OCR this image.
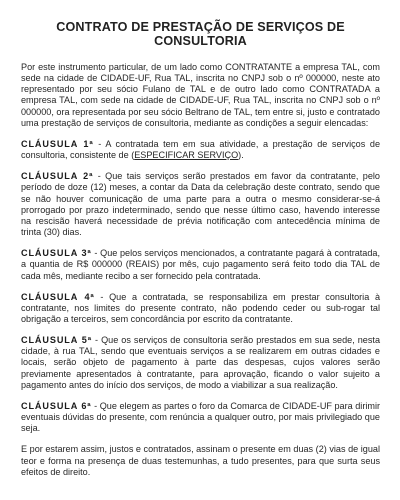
CONTRATO DE PRESTAÇÃO DE SERVIÇOS DE
CONSULTORIA

Por este instrumento particular, de um lado como CONTRATANTE a empresa TAL, com sede na cidade de CIDADE-UF, Rua TAL, inscrita no CNPJ sob o nº 000000, neste ato representado por seu sócio Fulano de TAL e de outro lado como CONTRATADA a empresa TAL, com sede na cidade de CIDADE-UF, Rua TAL, inscrita no CNPJ sob o nº 000000, ora representada por seu sócio Beltrano de TAL, tem entre si, justo e contratado uma prestação de serviços de consultoria, mediante as condições a seguir elencadas:

CLÁUSULA 1ª - A contratada tem em sua atividade, a prestação de serviços de consultoria, consistente de (ESPECIFICAR SERVIÇO).

CLÁUSULA 2ª - Que tais serviços serão prestados em favor da contratante, pelo período de doze (12) meses, a contar da Data da celebração deste contrato, sendo que se não houver comunicação de uma parte para a outra o mesmo considerar-se-á prorrogado por prazo indeterminado, sendo que nesse último caso, havendo interesse na rescisão haverá necessidade de prévia notificação com antecedência mínima de trinta (30) dias.

CLÁUSULA 3ª - Que pelos serviços mencionados, a contratante pagará à contratada, a quantia de R$ 000000 (REAIS) por mês, cujo pagamento será feito todo dia TAL de cada mês, mediante recibo a ser fornecido pela contratada.

CLÁUSULA 4ª - Que a contratada, se responsabiliza em prestar consultoria à contratante, nos limites do presente contrato, não podendo ceder ou sub-rogar tal obrigação a terceiros, sem concordância por escrito da contratante.

CLÁUSULA 5ª - Que os serviços de consultoria serão prestados em sua sede, nesta cidade, à rua TAL, sendo que eventuais serviços a se realizarem em outras cidades e locais, serão objeto de pagamento à parte das despesas, cujos valores serão previamente apresentados à contratante, para aprovação, ficando o valor sujeito a pagamento antes do início dos serviços, de modo a viabilizar a sua realização.

CLÁUSULA 6ª - Que elegem as partes o foro da Comarca de CIDADE-UF para dirimir eventuais dúvidas do presente, com renúncia a qualquer outro, por mais privilegiado que seja.

E por estarem assim, justos e contratados, assinam o presente em duas (2) vias de igual teor e forma na presença de duas testemunhas, a tudo presentes, para que surta seus efeitos de direito.
